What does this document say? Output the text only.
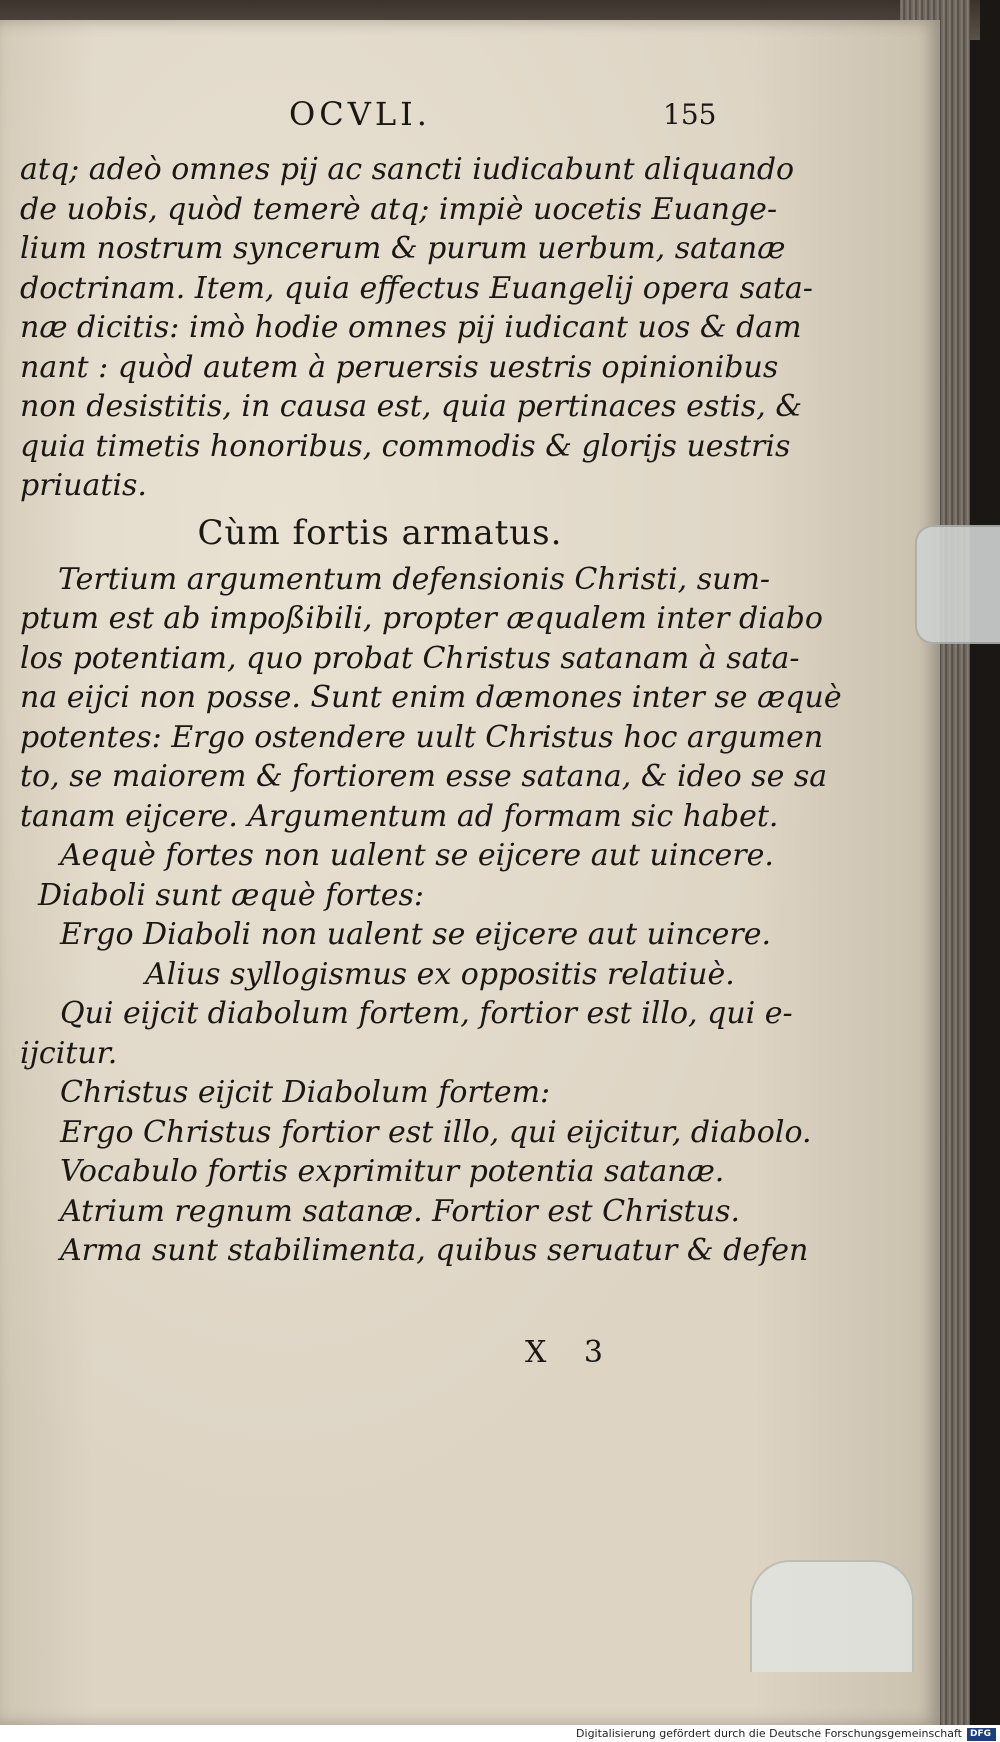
OCVLI.	155
atq; adeò omnes pij ac sancti iudicabunt aliquando
de uobis, quòd temerè atq; impiè uocetis Euange-
lium nostrum syncerum & purum uerbum, satanæ
doctrinam. Item, quia effectus Euangelij opera sata-
næ dicitis: imò hodie omnes pij iudicant uos & dam
nant : quòd autem à peruersis uestris opinionibus
non desistitis, in causa est, quia pertinaces estis, &
quia timetis honoribus, commodis & glorijs uestris
priuatis.
Cùm fortis armatus.
Tertium argumentum defensionis Christi, sum-
ptum est ab impoßibili, propter æqualem inter diabo
los potentiam, quo probat Christus satanam à sata-
na eijci non posse. Sunt enim dæmones inter se æquè
potentes: Ergo ostendere uult Christus hoc argumen
to, se maiorem & fortiorem esse satana, & ideo se sa
tanam eijcere. Argumentum ad formam sic habet.
Aequè fortes non ualent se eijcere aut uincere.
Diaboli sunt æquè fortes:
Ergo Diaboli non ualent se eijcere aut uincere.
Alius syllogismus ex oppositis relatiuè.
Qui eijcit diabolum fortem, fortior est illo, qui e-
ijcitur.
Christus eijcit Diabolum fortem:
Ergo Christus fortior est illo, qui eijcitur, diabolo.
Vocabulo fortis exprimitur potentia satanæ.
Atrium regnum satanæ. Fortior est Christus.
Arma sunt stabilimenta, quibus seruatur & defen
X 3
Digitalisierung gefördert durch die Deutsche Forschungsgemeinschaft DFG
